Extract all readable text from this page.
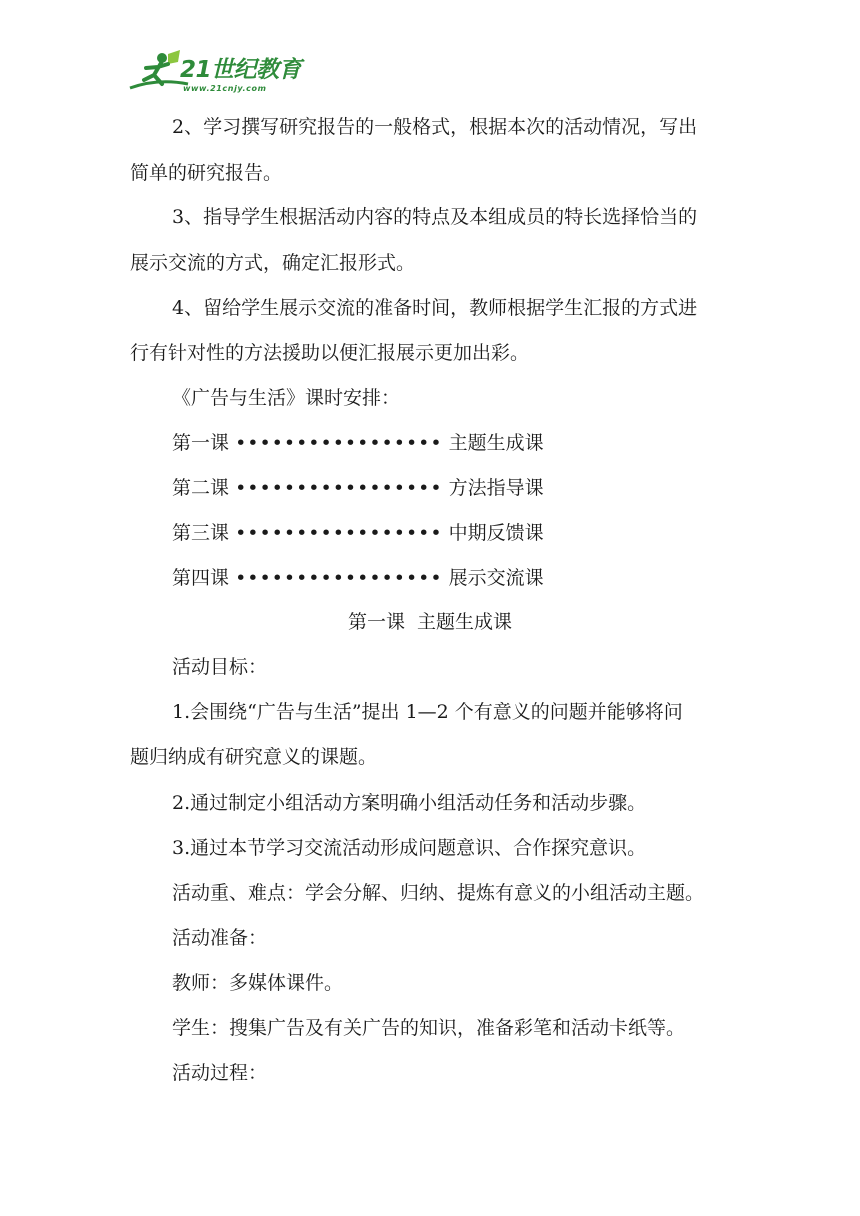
21世纪教育
www.21cnjy.com
2、学习撰写研究报告的一般格式，根据本次的活动情况，写出
简单的研究报告。
3、指导学生根据活动内容的特点及本组成员的特长选择恰当的
展示交流的方式，确定汇报形式。
4、留给学生展示交流的准备时间，教师根据学生汇报的方式进
行有针对性的方法援助以便汇报展示更加出彩。
《广告与生活》课时安排：
第一课 ••••••••••••••••• 主题生成课
第二课 ••••••••••••••••• 方法指导课
第三课 ••••••••••••••••• 中期反馈课
第四课 ••••••••••••••••• 展示交流课
第一课  主题生成课
活动目标：
1.会围绕“广告与生活”提出 1—2 个有意义的问题并能够将问
题归纳成有研究意义的课题。
2.通过制定小组活动方案明确小组活动任务和活动步骤。
3.通过本节学习交流活动形成问题意识、合作探究意识。
活动重、难点：学会分解、归纳、提炼有意义的小组活动主题。
活动准备：
教师：多媒体课件。
学生：搜集广告及有关广告的知识，准备彩笔和活动卡纸等。
活动过程：
